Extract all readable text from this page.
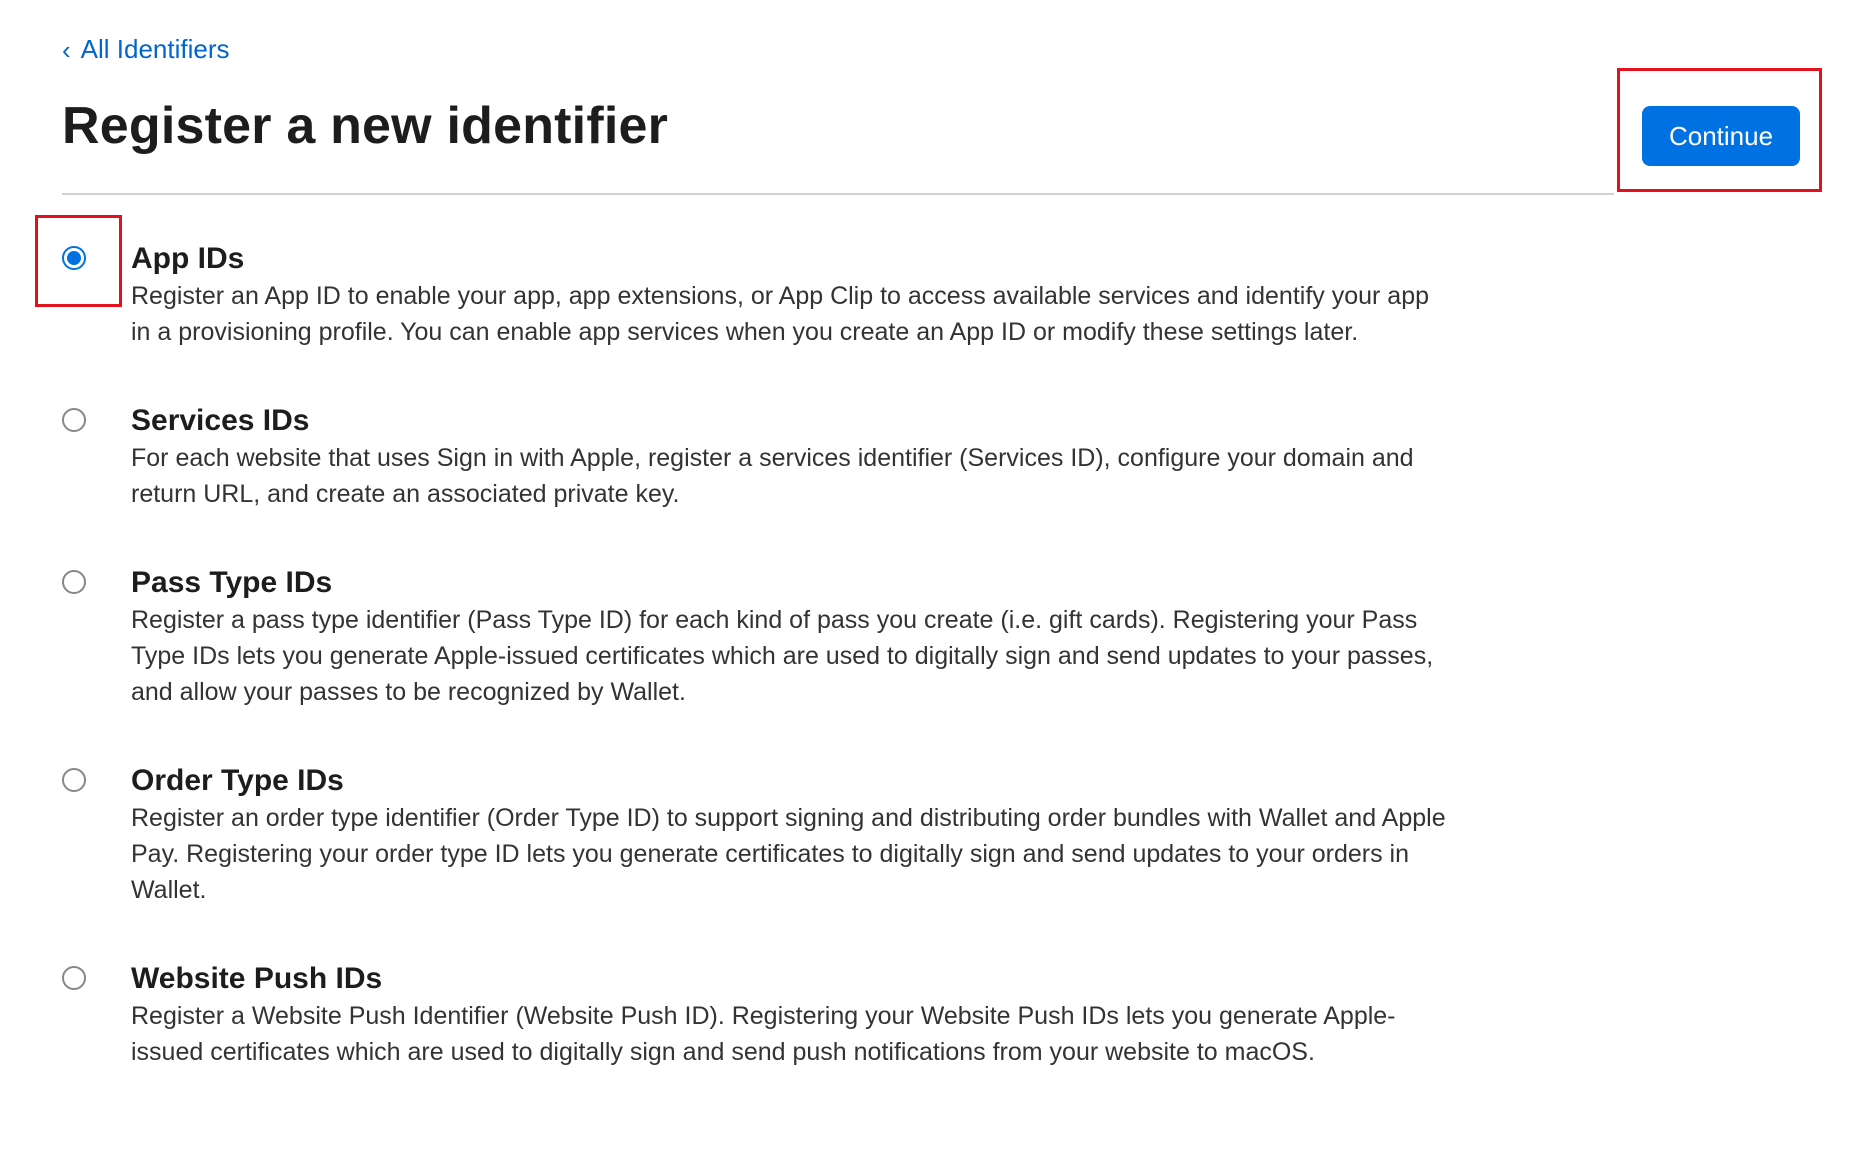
‹ All Identifiers
Register a new identifier	Continue
App IDs
Register an App ID to enable your app, app extensions, or App Clip to access available services and identify your app in a provisioning profile. You can enable app services when you create an App ID or modify these settings later.
Services IDs
For each website that uses Sign in with Apple, register a services identifier (Services ID), configure your domain and return URL, and create an associated private key.
Pass Type IDs
Register a pass type identifier (Pass Type ID) for each kind of pass you create (i.e. gift cards). Registering your Pass Type IDs lets you generate Apple-issued certificates which are used to digitally sign and send updates to your passes, and allow your passes to be recognized by Wallet.
Order Type IDs
Register an order type identifier (Order Type ID) to support signing and distributing order bundles with Wallet and Apple Pay. Registering your order type ID lets you generate certificates to digitally sign and send updates to your orders in Wallet.
Website Push IDs
Register a Website Push Identifier (Website Push ID). Registering your Website Push IDs lets you generate Apple-issued certificates which are used to digitally sign and send push notifications from your website to macOS.
